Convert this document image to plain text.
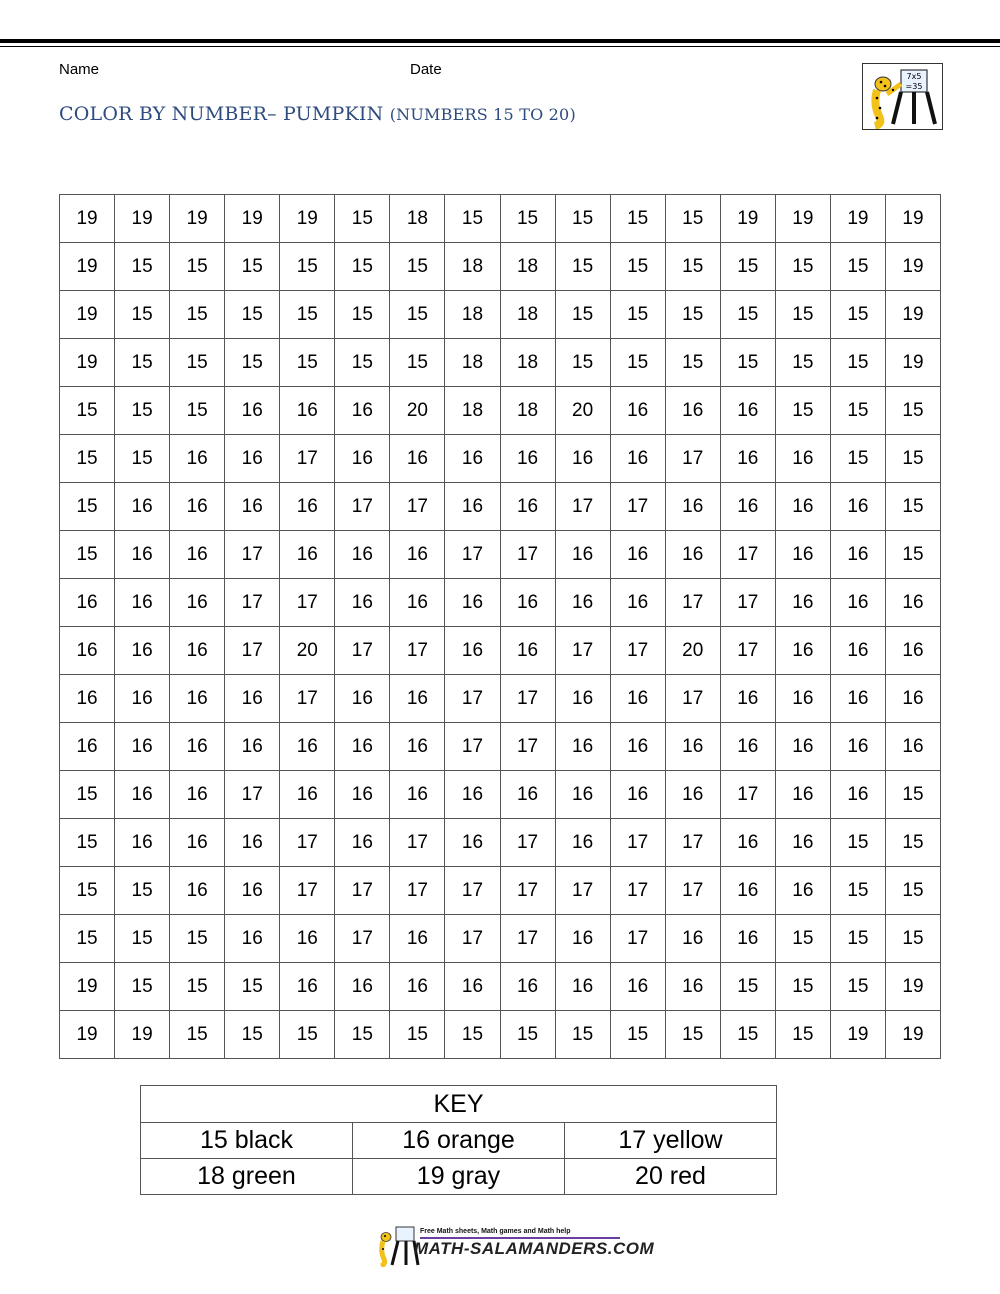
Name	Date
COLOR BY NUMBER– PUMPKIN (NUMBERS 15 TO 20)
7x5
=35
19	19	19	19	19	15	18	15	15	15	15	15	19	19	19	19
19	15	15	15	15	15	15	18	18	15	15	15	15	15	15	19
19	15	15	15	15	15	15	18	18	15	15	15	15	15	15	19
19	15	15	15	15	15	15	18	18	15	15	15	15	15	15	19
15	15	15	16	16	16	20	18	18	20	16	16	16	15	15	15
15	15	16	16	17	16	16	16	16	16	16	17	16	16	15	15
15	16	16	16	16	17	17	16	16	17	17	16	16	16	16	15
15	16	16	17	16	16	16	17	17	16	16	16	17	16	16	15
16	16	16	17	17	16	16	16	16	16	16	17	17	16	16	16
16	16	16	17	20	17	17	16	16	17	17	20	17	16	16	16
16	16	16	16	17	16	16	17	17	16	16	17	16	16	16	16
16	16	16	16	16	16	16	17	17	16	16	16	16	16	16	16
15	16	16	17	16	16	16	16	16	16	16	16	17	16	16	15
15	16	16	16	17	16	17	16	17	16	17	17	16	16	15	15
15	15	16	16	17	17	17	17	17	17	17	17	16	16	15	15
15	15	15	16	16	17	16	17	17	16	17	16	16	15	15	15
19	15	15	15	16	16	16	16	16	16	16	16	15	15	15	19
19	19	15	15	15	15	15	15	15	15	15	15	15	15	19	19
KEY		
15 black	16 orange	17 yellow
18 green	19 gray	20 red
Free Math sheets, Math games and Math help
MATH-SALAMANDERS.COM
